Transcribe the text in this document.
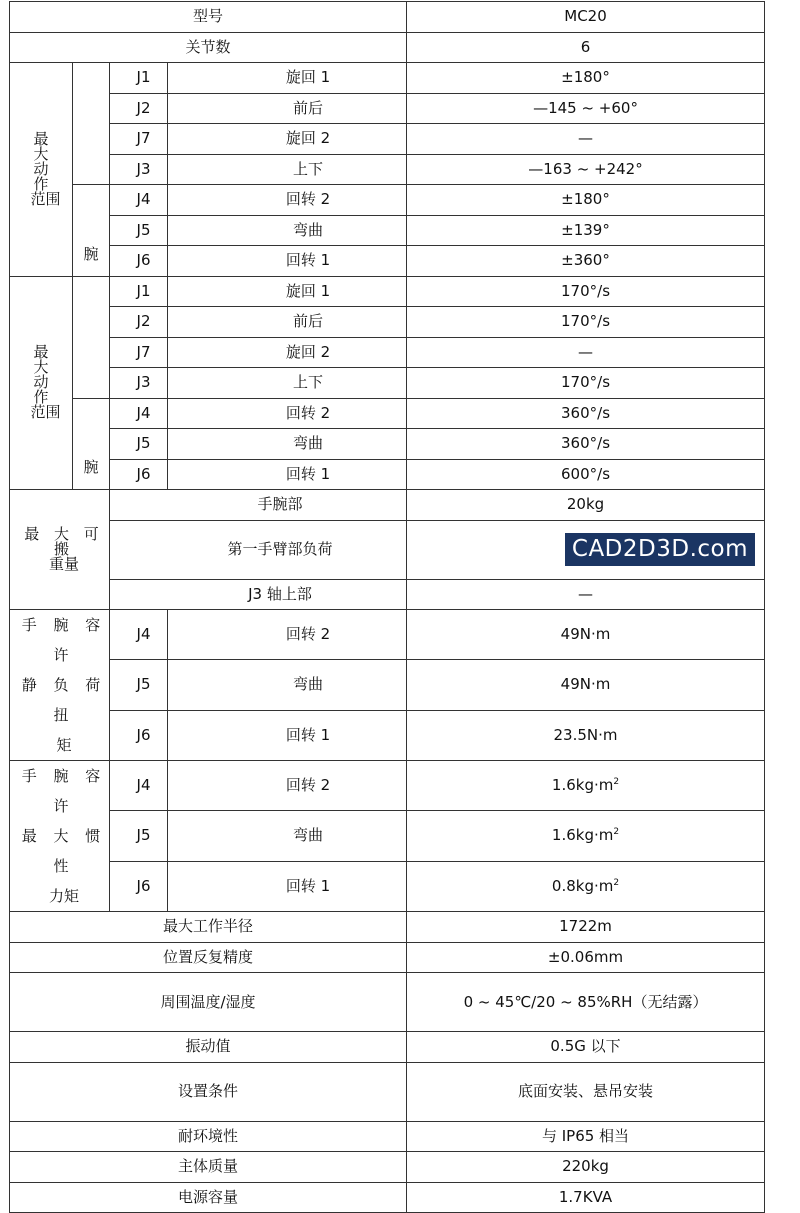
型号				MC20
关节数				6

最 大
动 作
范围		J1	旋回 1	±180°
		J2	前后	—145 ~ +60°
		J7	旋回 2	—
		J3	上下	—163 ~ +242°
	腕	J4	回转 2	±180°
		J5	弯曲	±139°
		J6	回转 1	±360°

最 大
动 作
范围		J1	旋回 1	170°/s
		J2	前后	170°/s
		J7	旋回 2	—
		J3	上下	170°/s
	腕	J4	回转 2	360°/s
		J5	弯曲	360°/s
		J6	回转 1	600°/s

最 大 可 搬
重量		手腕部		20kg
		第一手臂部负荷		CAD2D3D.com
		J3 轴上部		—

手 腕 容 许
静 负 荷 扭
矩		J4	回转 2	49N·m
		J5	弯曲	49N·m
		J6	回转 1	23.5N·m

手 腕 容 许
最 大 惯 性
力矩		J4	回转 2	$1.6kg\cdot m^2$
		J5	弯曲	$1.6kg\cdot m^2$
		J6	回转 1	$0.8kg\cdot m^2$
最大工作半径				1722m
位置反复精度				±0.06mm
周围温度/湿度				0 ~ 45℃/20 ~ 85%RH（无结露）
振动值				0.5G 以下
设置条件				底面安装、悬吊安装
耐环境性				与 IP65 相当
主体质量				220kg
电源容量				1.7KVA
